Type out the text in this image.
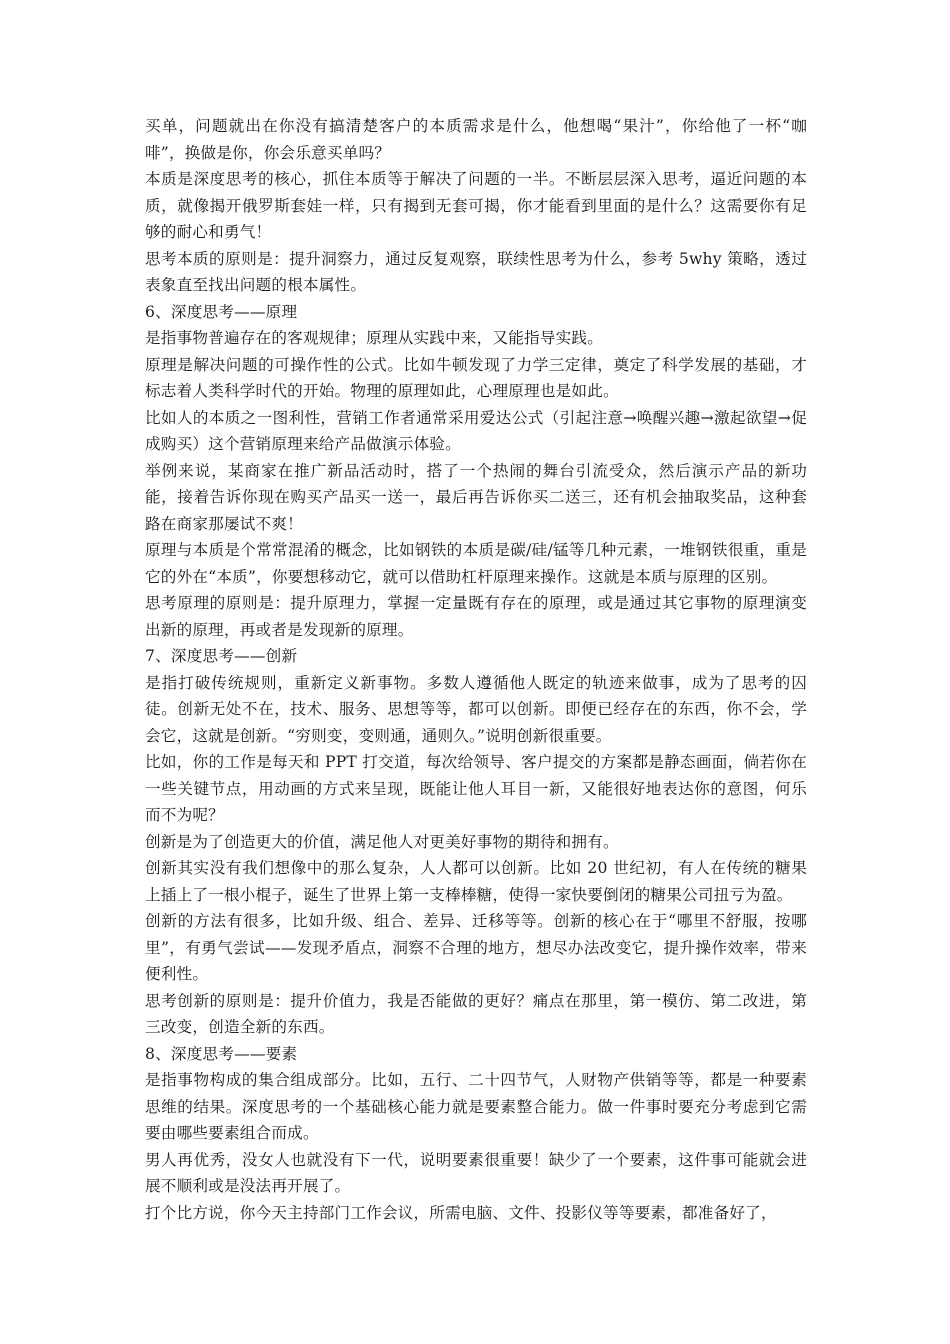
买单，问题就出在你没有搞清楚客户的本质需求是什么，他想喝“果汁”，你给他了一杯“咖啡”，换做是你，你会乐意买单吗？

本质是深度思考的核心，抓住本质等于解决了问题的一半。不断层层深入思考，逼近问题的本质，就像揭开俄罗斯套娃一样，只有揭到无套可揭，你才能看到里面的是什么？这需要你有足够的耐心和勇气！

思考本质的原则是：提升洞察力，通过反复观察，联续性思考为什么，参考 5why 策略，透过表象直至找出问题的根本属性。

6、深度思考——原理

是指事物普遍存在的客观规律；原理从实践中来，又能指导实践。

原理是解决问题的可操作性的公式。比如牛顿发现了力学三定律，奠定了科学发展的基础，才标志着人类科学时代的开始。物理的原理如此，心理原理也是如此。

比如人的本质之一图利性，营销工作者通常采用爱达公式（引起注意→唤醒兴趣→激起欲望→促成购买）这个营销原理来给产品做演示体验。

举例来说，某商家在推广新品活动时，搭了一个热闹的舞台引流受众，然后演示产品的新功能，接着告诉你现在购买产品买一送一，最后再告诉你买二送三，还有机会抽取奖品，这种套路在商家那屡试不爽！

原理与本质是个常常混淆的概念，比如钢铁的本质是碳/硅/锰等几种元素，一堆钢铁很重，重是它的外在“本质”，你要想移动它，就可以借助杠杆原理来操作。这就是本质与原理的区别。

思考原理的原则是：提升原理力，掌握一定量既有存在的原理，或是通过其它事物的原理演变出新的原理，再或者是发现新的原理。

7、深度思考——创新

是指打破传统规则，重新定义新事物。多数人遵循他人既定的轨迹来做事，成为了思考的囚徒。创新无处不在，技术、服务、思想等等，都可以创新。即便已经存在的东西，你不会，学会它，这就是创新。“穷则变，变则通，通则久。”说明创新很重要。

比如，你的工作是每天和 PPT 打交道，每次给领导、客户提交的方案都是静态画面，倘若你在一些关键节点，用动画的方式来呈现，既能让他人耳目一新，又能很好地表达你的意图，何乐而不为呢？

创新是为了创造更大的价值，满足他人对更美好事物的期待和拥有。

创新其实没有我们想像中的那么复杂，人人都可以创新。比如 20 世纪初，有人在传统的糖果上插上了一根小棍子，诞生了世界上第一支棒棒糖，使得一家快要倒闭的糖果公司扭亏为盈。

创新的方法有很多，比如升级、组合、差异、迁移等等。创新的核心在于“哪里不舒服，按哪里”，有勇气尝试——发现矛盾点，洞察不合理的地方，想尽办法改变它，提升操作效率，带来便利性。

思考创新的原则是：提升价值力，我是否能做的更好？痛点在那里，第一模仿、第二改进，第三改变，创造全新的东西。

8、深度思考——要素

是指事物构成的集合组成部分。比如，五行、二十四节气，人财物产供销等等，都是一种要素思维的结果。深度思考的一个基础核心能力就是要素整合能力。做一件事时要充分考虑到它需要由哪些要素组合而成。

男人再优秀，没女人也就没有下一代，说明要素很重要！缺少了一个要素，这件事可能就会进展不顺利或是没法再开展了。

打个比方说，你今天主持部门工作会议，所需电脑、文件、投影仪等等要素，都准备好了，
